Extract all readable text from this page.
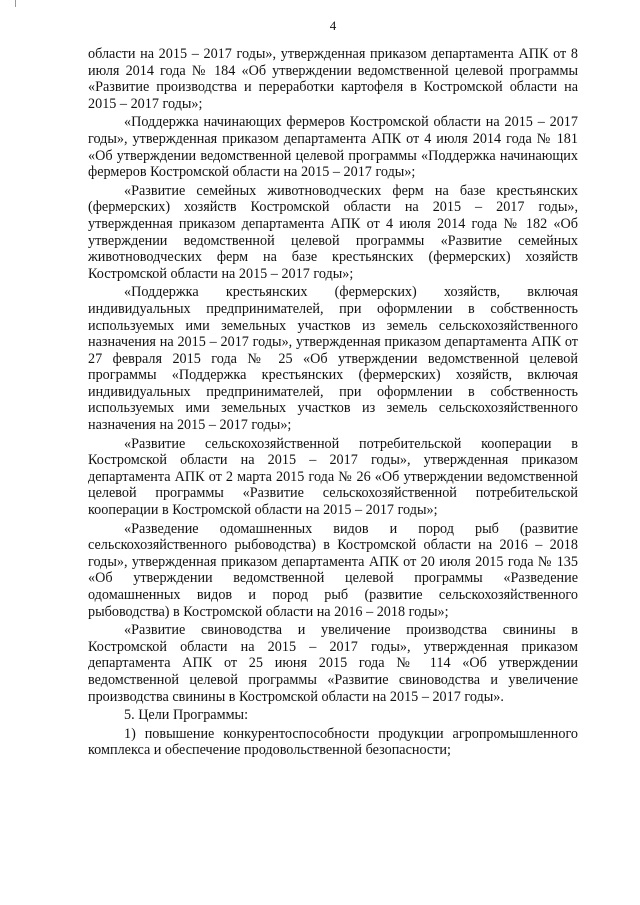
4

области на 2015 – 2017 годы», утвержденная приказом департамента АПК от 8 июля 2014 года № 184 «Об утверждении ведомственной целевой программы «Развитие производства и переработки картофеля в Костромской области на 2015 – 2017 годы»;

«Поддержка начинающих фермеров Костромской области на 2015 – 2017 годы», утвержденная приказом департамента АПК от 4 июля 2014 года № 181 «Об утверждении ведомственной целевой программы «Поддержка начинающих фермеров Костромской области на 2015 – 2017 годы»;

«Развитие семейных животноводческих ферм на базе крестьянских (фермерских) хозяйств Костромской области на 2015 – 2017 годы», утвержденная приказом департамента АПК от 4 июля 2014 года № 182 «Об утверждении ведомственной целевой программы «Развитие семейных животноводческих ферм на базе крестьянских (фермерских) хозяйств Костромской области на 2015 – 2017 годы»;

«Поддержка крестьянских (фермерских) хозяйств, включая индивидуальных предпринимателей, при оформлении в собственность используемых ими земельных участков из земель сельскохозяйственного назначения на 2015 – 2017 годы», утвержденная приказом департамента АПК от 27 февраля 2015 года № 25 «Об утверждении ведомственной целевой программы «Поддержка крестьянских (фермерских) хозяйств, включая индивидуальных предпринимателей, при оформлении в собственность используемых ими земельных участков из земель сельскохозяйственного назначения на 2015 – 2017 годы»;

«Развитие сельскохозяйственной потребительской кооперации в Костромской области на 2015 – 2017 годы», утвержденная приказом департамента АПК от 2 марта 2015 года № 26 «Об утверждении ведомственной целевой программы «Развитие сельскохозяйственной потребительской кооперации в Костромской области на 2015 – 2017 годы»;

«Разведение одомашненных видов и пород рыб (развитие сельскохозяйственного рыбоводства) в Костромской области на 2016 – 2018 годы», утвержденная приказом департамента АПК от 20 июля 2015 года № 135 «Об утверждении ведомственной целевой программы «Разведение одомашненных видов и пород рыб (развитие сельскохозяйственного рыбоводства) в Костромской области на 2016 – 2018 годы»;

«Развитие свиноводства и увеличение производства свинины в Костромской области на 2015 – 2017 годы», утвержденная приказом департамента АПК от 25 июня 2015 года № 114 «Об утверждении ведомственной целевой программы «Развитие свиноводства и увеличение производства свинины в Костромской области на 2015 – 2017 годы».

5. Цели Программы:

1) повышение конкурентоспособности продукции агропромышленного комплекса и обеспечение продовольственной безопасности;
